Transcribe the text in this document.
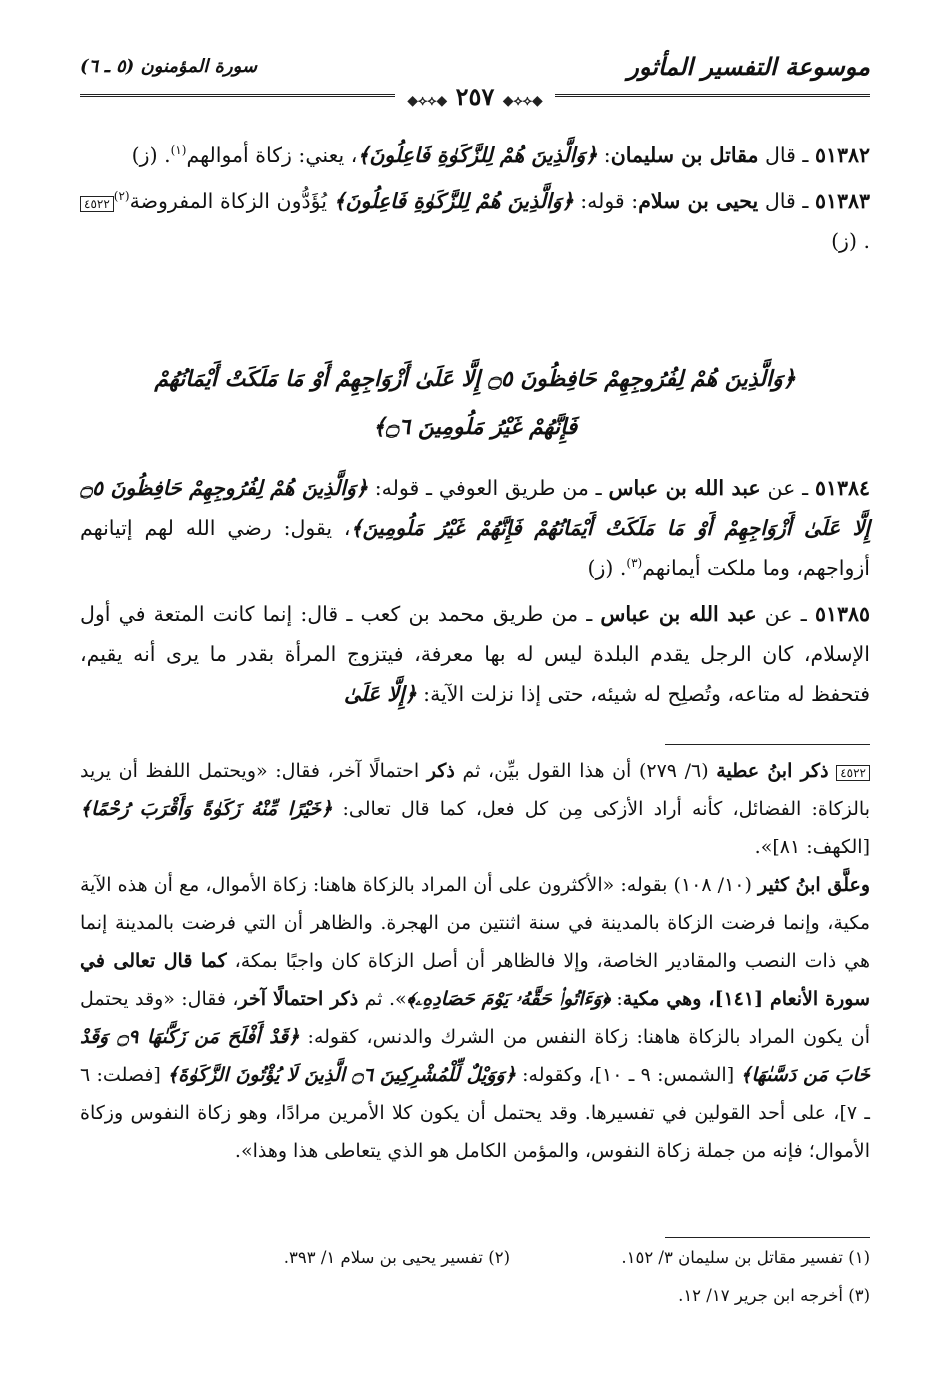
موسوعة التفسير المأثور
سورة المؤمنون (٥ ـ ٦)
◆⟡⟡◆ ٢٥٧ ◆⟡⟡◆

٥١٣٨٢ ـ قال مقاتل بن سليمان: ﴿وَالَّذِينَ هُمْ لِلزَّكَوٰةِ فَاعِلُونَ﴾، يعني: زكاة أموالهم$^{(١)}$. (ز)

٥١٣٨٣ ـ قال يحيى بن سلام: قوله: ﴿وَالَّذِينَ هُمْ لِلزَّكَوٰةِ فَاعِلُونَ﴾ يُؤَدُّون الزكاة المفروضة$^{(٢)}$٤٥٢٢. (ز)

﴿وَالَّذِينَ هُمْ لِفُرُوجِهِمْ حَافِظُونَ ۝٥ إِلَّا عَلَىٰ أَزْوَاجِهِمْ أَوْ مَا مَلَكَتْ أَيْمَانُهُمْ
فَإِنَّهُمْ غَيْرُ مَلُومِينَ ۝٦﴾

٥١٣٨٤ ـ عن عبد الله بن عباس ـ من طريق العوفي ـ قوله: ﴿وَالَّذِينَ هُمْ لِفُرُوجِهِمْ حَافِظُونَ ۝٥ إِلَّا عَلَىٰ أَزْوَاجِهِمْ أَوْ مَا مَلَكَتْ أَيْمَانُهُمْ فَإِنَّهُمْ غَيْرُ مَلُومِينَ﴾، يقول: رضي الله لهم إتيانهم أزواجهم، وما ملكت أيمانهم$^{(٣)}$. (ز)

٥١٣٨٥ ـ عن عبد الله بن عباس ـ من طريق محمد بن كعب ـ قال: إنما كانت المتعة في أول الإسلام، كان الرجل يقدم البلدة ليس له بها معرفة، فيتزوج المرأة بقدر ما يرى أنه يقيم، فتحفظ له متاعه، وتُصلِح له شيئه، حتى إذا نزلت الآية: ﴿إِلَّا عَلَىٰ

٤٥٢٢ ذكر ابنُ عطية (٦/ ٢٧٩) أن هذا القول بيِّن، ثم ذكر احتمالًا آخر، فقال: «ويحتمل اللفظ أن يريد بالزكاة: الفضائل، كأنه أراد الأزكى مِن كل فعل، كما قال تعالى: ﴿خَيْرًا مِّنْهُ زَكَوٰةً وَأَقْرَبَ رُحْمًا﴾ [الكهف: ٨١]».

وعلَّق ابنُ كثير (١٠/ ١٠٨) بقوله: «الأكثرون على أن المراد بالزكاة هاهنا: زكاة الأموال، مع أن هذه الآية مكية، وإنما فرضت الزكاة بالمدينة في سنة اثنتين من الهجرة. والظاهر أن التي فرضت بالمدينة إنما هي ذات النصب والمقادير الخاصة، وإلا فالظاهر أن أصل الزكاة كان واجبًا بمكة، كما قال تعالى في سورة الأنعام [١٤١]، وهي مكية: ﴿وَءَاتُوا۟ حَقَّهُۥ يَوْمَ حَصَادِهِۦ﴾». ثم ذكر احتمالًا آخر، فقال: «وقد يحتمل أن يكون المراد بالزكاة هاهنا: زكاة النفس من الشرك والدنس، كقوله: ﴿قَدْ أَفْلَحَ مَن زَكَّىٰهَا ۝٩ وَقَدْ خَابَ مَن دَسَّىٰهَا﴾ [الشمس: ٩ ـ ١٠]، وكقوله: ﴿وَوَيْلٌ لِّلْمُشْرِكِينَ ۝٦ الَّذِينَ لَا يُؤْتُونَ الزَّكَوٰةَ﴾ [فصلت: ٦ ـ ٧]، على أحد القولين في تفسيرها. وقد يحتمل أن يكون كلا الأمرين مرادًا، وهو زكاة النفوس وزكاة الأموال؛ فإنه من جملة زكاة النفوس، والمؤمن الكامل هو الذي يتعاطى هذا وهذا».

(١) تفسير مقاتل بن سليمان ٣/ ١٥٢.
(٢) تفسير يحيى بن سلام ١/ ٣٩٣.
(٣) أخرجه ابن جرير ١٧/ ١٢.
